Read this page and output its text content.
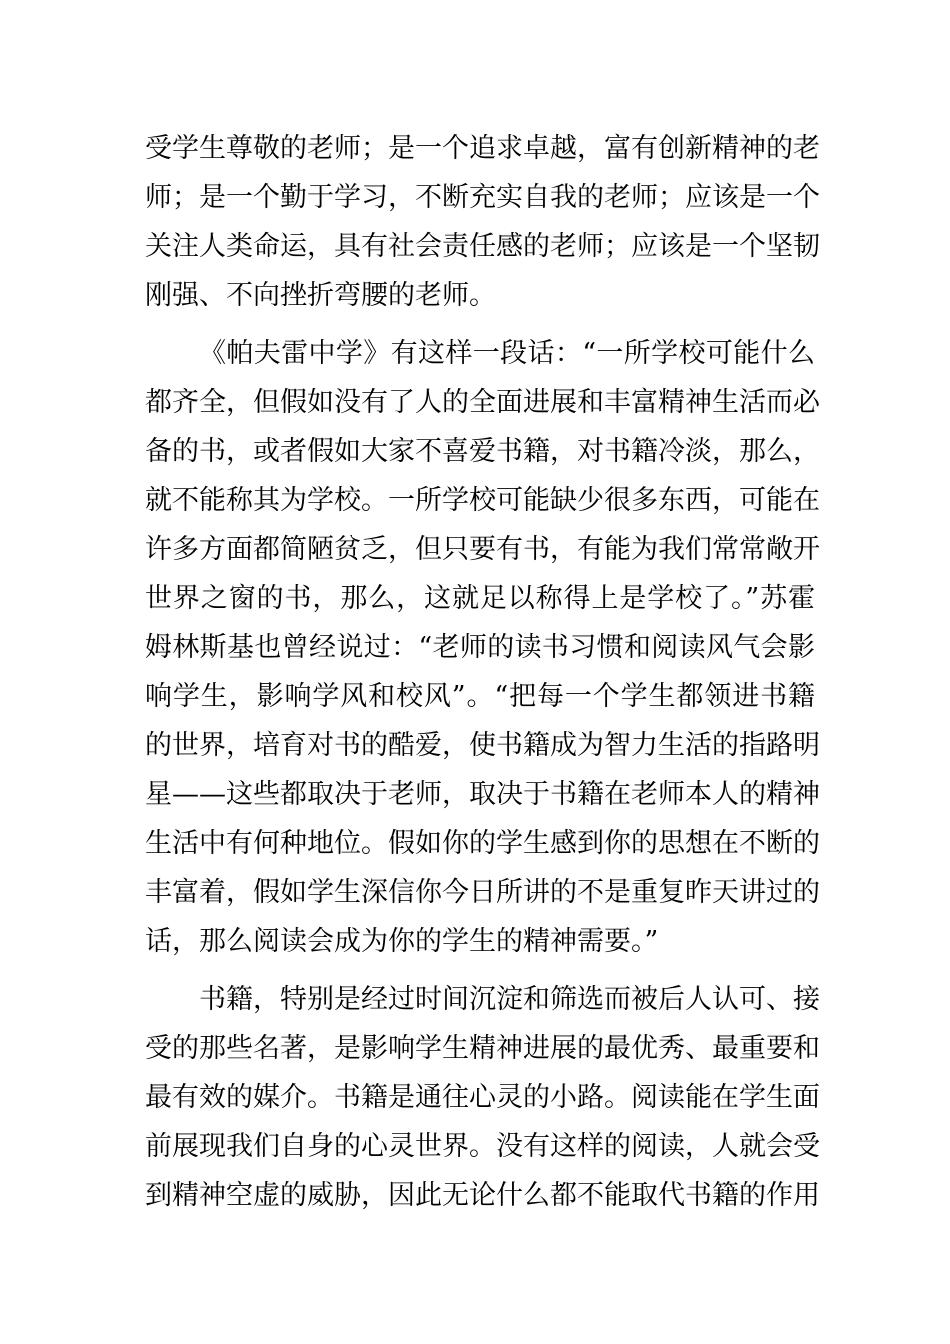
受学生尊敬的老师；是一个追求卓越，富有创新精神的老
师；是一个勤于学习，不断充实自我的老师；应该是一个
关注人类命运，具有社会责任感的老师；应该是一个坚韧
刚强、不向挫折弯腰的老师。
《帕夫雷中学》有这样一段话：“一所学校可能什么
都齐全，但假如没有了人的全面进展和丰富精神生活而必
备的书，或者假如大家不喜爱书籍，对书籍冷淡，那么，
就不能称其为学校。一所学校可能缺少很多东西，可能在
许多方面都简陋贫乏，但只要有书，有能为我们常常敞开
世界之窗的书，那么，这就足以称得上是学校了。”苏霍
姆林斯基也曾经说过：“老师的读书习惯和阅读风气会影
响学生，影响学风和校风”。“把每一个学生都领进书籍
的世界，培育对书的酷爱，使书籍成为智力生活的指路明
星——这些都取决于老师，取决于书籍在老师本人的精神
生活中有何种地位。假如你的学生感到你的思想在不断的
丰富着，假如学生深信你今日所讲的不是重复昨天讲过的
话，那么阅读会成为你的学生的精神需要。”
书籍，特别是经过时间沉淀和筛选而被后人认可、接
受的那些名著，是影响学生精神进展的最优秀、最重要和
最有效的媒介。书籍是通往心灵的小路。阅读能在学生面
前展现我们自身的心灵世界。没有这样的阅读，人就会受
到精神空虚的威胁，因此无论什么都不能取代书籍的作用
